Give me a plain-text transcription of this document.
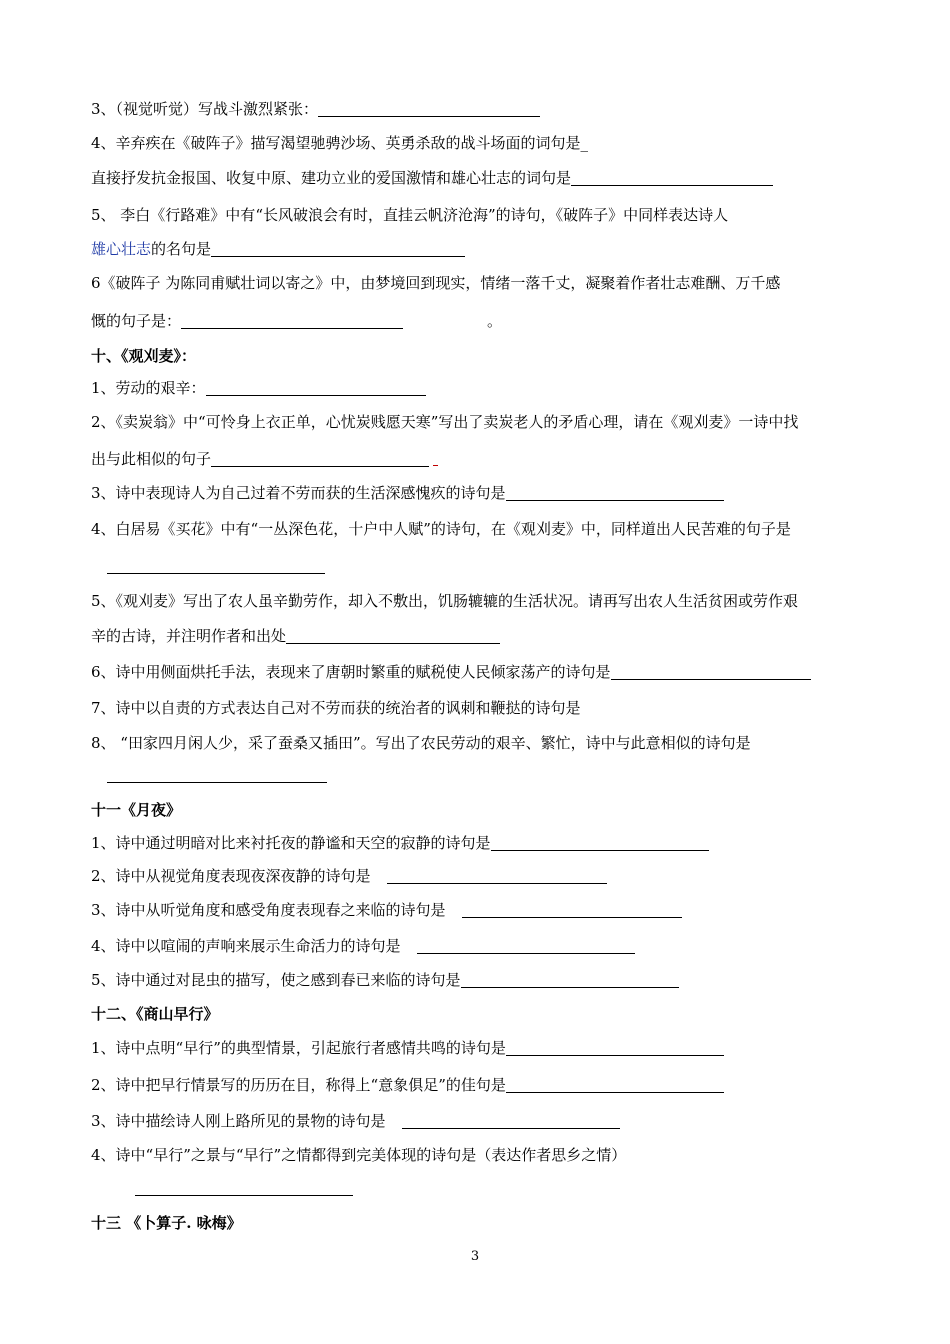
3、（视觉听觉）写战斗激烈紧张：
4、辛弃疾在《破阵子》描写渴望驰骋沙场、英勇杀敌的战斗场面的词句是_
直接抒发抗金报国、收复中原、建功立业的爱国激情和雄心壮志的词句是
5、 李白《行路难》中有“长风破浪会有时，直挂云帆济沧海”的诗句，《破阵子》中同样表达诗人
雄心壮志的名句是
6《破阵子 为陈同甫赋壮词以寄之》中，由梦境回到现实，情绪一落千丈，凝聚着作者壮志难酬、万千感
慨的句子是：	。
十、《观刈麦》：
1、劳动的艰辛：
2、《卖炭翁》中“可怜身上衣正单，心忧炭贱愿天寒”写出了卖炭老人的矛盾心理，请在《观刈麦》一诗中找
出与此相似的句子
3、诗中表现诗人为自己过着不劳而获的生活深感愧疚的诗句是
4、白居易《买花》中有“一丛深色花，十户中人赋”的诗句，在《观刈麦》中，同样道出人民苦难的句子是
5、《观刈麦》写出了农人虽辛勤劳作，却入不敷出，饥肠辘辘的生活状况。请再写出农人生活贫困或劳作艰
辛的古诗，并注明作者和出处
6、诗中用侧面烘托手法，表现来了唐朝时繁重的赋税使人民倾家荡产的诗句是
7、诗中以自责的方式表达自己对不劳而获的统治者的讽刺和鞭挞的诗句是
8、 “田家四月闲人少，采了蚕桑又插田”。写出了农民劳动的艰辛、繁忙，诗中与此意相似的诗句是
十一《月夜》
1、诗中通过明暗对比来衬托夜的静谧和天空的寂静的诗句是
2、诗中从视觉角度表现夜深夜静的诗句是
3、诗中从听觉角度和感受角度表现春之来临的诗句是
4、诗中以喧闹的声响来展示生命活力的诗句是
5、诗中通过对昆虫的描写，使之感到春已来临的诗句是
十二、《商山早行》
1、诗中点明“早行”的典型情景，引起旅行者感情共鸣的诗句是
2、诗中把早行情景写的历历在目，称得上“意象俱足”的佳句是
3、诗中描绘诗人刚上路所见的景物的诗句是
4、诗中“早行”之景与“早行”之情都得到完美体现的诗句是（表达作者思乡之情）
十三 《卜算子. 咏梅》
3
